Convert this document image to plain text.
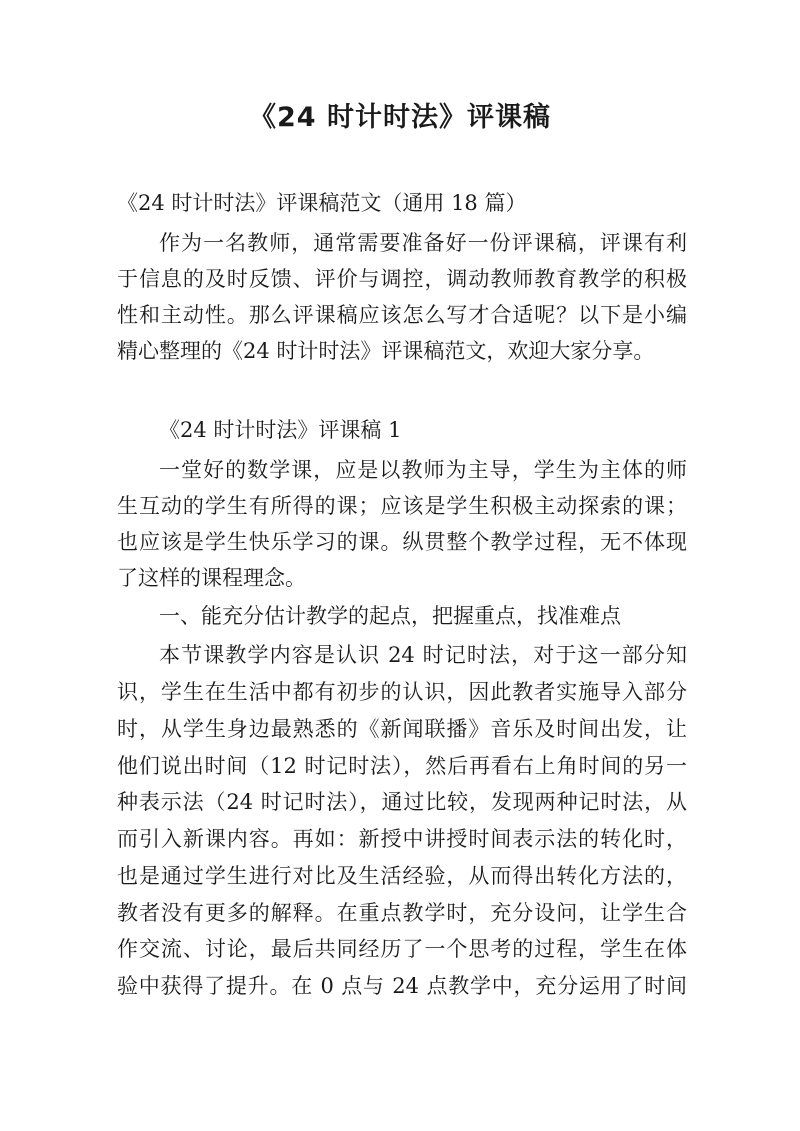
《24 时计时法》评课稿
《24 时计时法》评课稿范文（通用 18 篇）
作为一名教师，通常需要准备好一份评课稿，评课有利
于信息的及时反馈、评价与调控，调动教师教育教学的积极
性和主动性。那么评课稿应该怎么写才合适呢？以下是小编
精心整理的《24 时计时法》评课稿范文，欢迎大家分享。
《24 时计时法》评课稿 1
一堂好的数学课，应是以教师为主导，学生为主体的师
生互动的学生有所得的课；应该是学生积极主动探索的课；
也应该是学生快乐学习的课。纵贯整个教学过程，无不体现
了这样的课程理念。
一、能充分估计教学的起点，把握重点，找准难点
本节课教学内容是认识 24 时记时法，对于这一部分知
识，学生在生活中都有初步的认识，因此教者实施导入部分
时，从学生身边最熟悉的《新闻联播》音乐及时间出发，让
他们说出时间（12 时记时法），然后再看右上角时间的另一
种表示法（24 时记时法），通过比较，发现两种记时法，从
而引入新课内容。再如：新授中讲授时间表示法的转化时，
也是通过学生进行对比及生活经验，从而得出转化方法的，
教者没有更多的解释。在重点教学时，充分设问，让学生合
作交流、讨论，最后共同经历了一个思考的过程，学生在体
验中获得了提升。在 0 点与 24 点教学中，充分运用了时间
